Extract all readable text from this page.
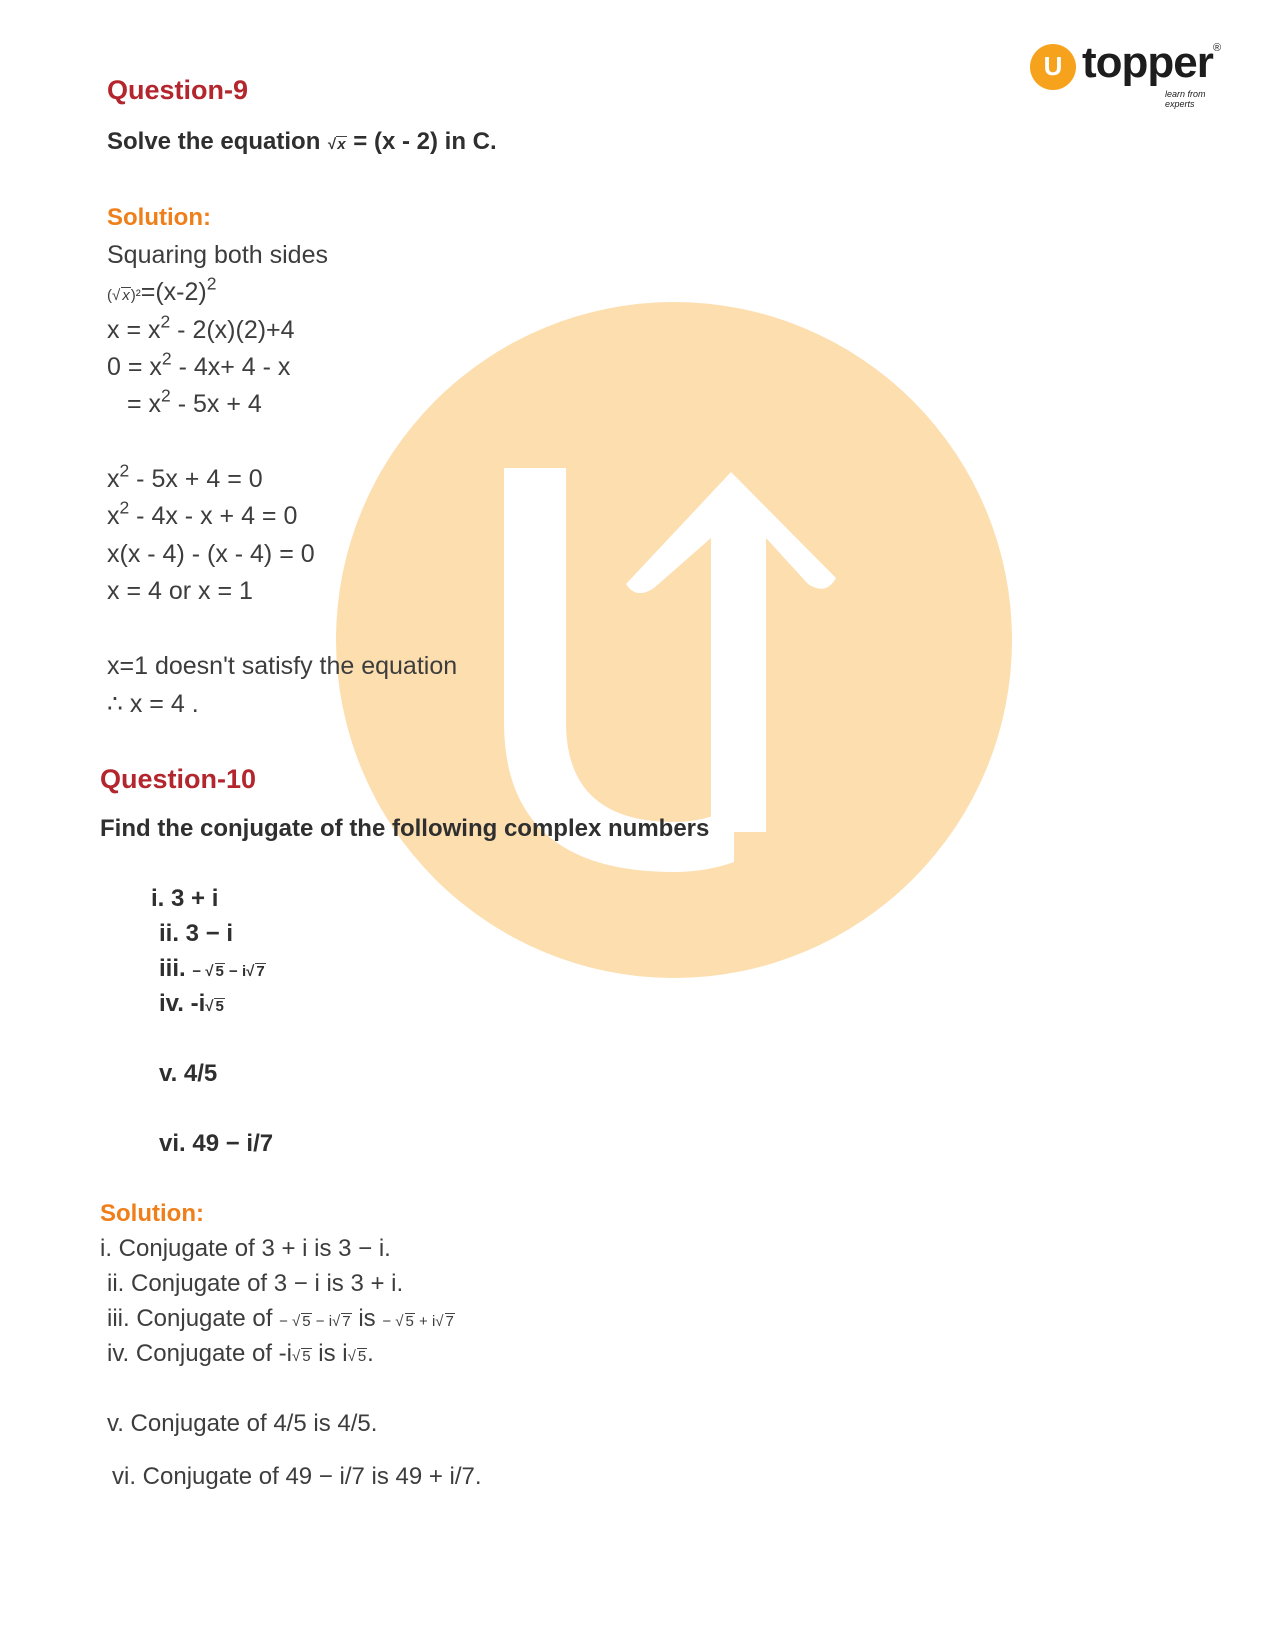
U topper ®
learn from experts
Question-9
Solve the equation √ x = (x - 2) in C.
Solution:
Squaring both sides
(√ $x)^2=(x-2)^2$
$x = x^2 - 2(x)(2)+4$
$0 = x^2 - 4x+ 4 - x$
= $x^2 - 5x + 4$
$x^2 - 5x + 4 = 0$
$x^2 - 4x - x + 4 = 0$
x(x - 4) - (x - 4) = 0
x = 4 or x = 1
x=1 doesn't satisfy the equation
∴ x = 4 .
Question-10
Find the conjugate of the following complex numbers
i. 3 + i
ii. 3 − i
iii. − √ 5 − i√ 7
iv. -i√ 5
v. 4/5
vi. 49 − i/7
Solution:
i. Conjugate of 3 + i is 3 − i.
ii. Conjugate of 3 − i is 3 + i.
iii. Conjugate of − √ 5 − i√ 7 is − √ 5 + i√ 7
iv. Conjugate of -i√ 5 is i√ 5.
v. Conjugate of 4/5 is 4/5.
vi. Conjugate of 49 − i/7 is 49 + i/7.
